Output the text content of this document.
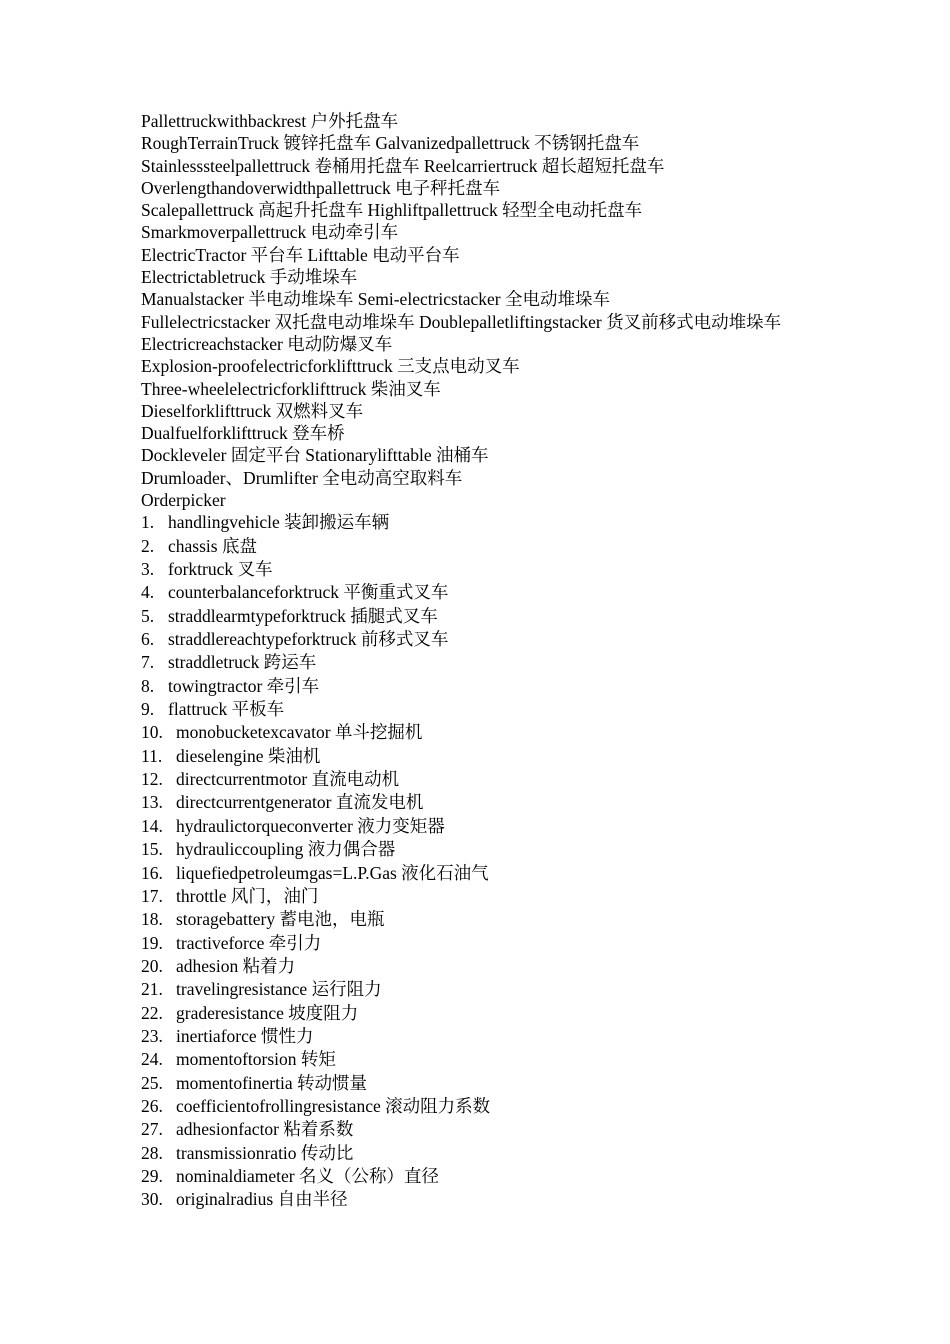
Pallettruckwithbackrest 户外托盘车

RoughTerrainTruck 镀锌托盘车 Galvanizedpallettruck 不锈钢托盘车

Stainlesssteelpallettruck 卷桶用托盘车 Reelcarriertruck 超长超短托盘车

Overlengthandoverwidthpallettruck 电子秤托盘车

Scalepallettruck 高起升托盘车 Highliftpallettruck 轻型全电动托盘车

Smarkmoverpallettruck 电动牵引车

ElectricTractor 平台车 Lifttable 电动平台车

Electrictabletruck 手动堆垛车

Manualstacker 半电动堆垛车 Semi-electricstacker 全电动堆垛车

Fullelectricstacker 双托盘电动堆垛车 Doublepalletliftingstacker 货叉前移式电动堆垛车 Electricreachstacker 电动防爆叉车

Explosion-proofelectricforklifttruck 三支点电动叉车

Three-wheelelectricforklifttruck 柴油叉车

Dieselforklifttruck 双燃料叉车

Dualfuelforklifttruck 登车桥

Dockleveler 固定平台 Stationarylifttable 油桶车

Drumloader、Drumlifter 全电动高空取料车

Orderpicker

1. handlingvehicle 装卸搬运车辆
2. chassis 底盘
3. forktruck 叉车
4. counterbalanceforktruck 平衡重式叉车
5. straddlearmtypeforktruck 插腿式叉车
6. straddlereachtypeforktruck 前移式叉车
7. straddletruck 跨运车
8. towingtractor 牵引车
9. flattruck 平板车
10. monobucketexcavator 单斗挖掘机
11. dieselengine 柴油机
12. directcurrentmotor 直流电动机
13. directcurrentgenerator 直流发电机
14. hydraulictorqueconverter 液力变矩器
15. hydrauliccoupling 液力偶合器
16. liquefiedpetroleumgas=L.P.Gas 液化石油气
17. throttle 风门，油门
18. storagebattery 蓄电池，电瓶
19. tractiveforce 牵引力
20. adhesion 粘着力
21. travelingresistance 运行阻力
22. graderesistance 坡度阻力
23. inertiaforce 惯性力
24. momentoftorsion 转矩
25. momentofinertia 转动惯量
26. coefficientofrollingresistance 滚动阻力系数
27. adhesionfactor 粘着系数
28. transmissionratio 传动比
29. nominaldiameter 名义（公称）直径
30. originalradius 自由半径
